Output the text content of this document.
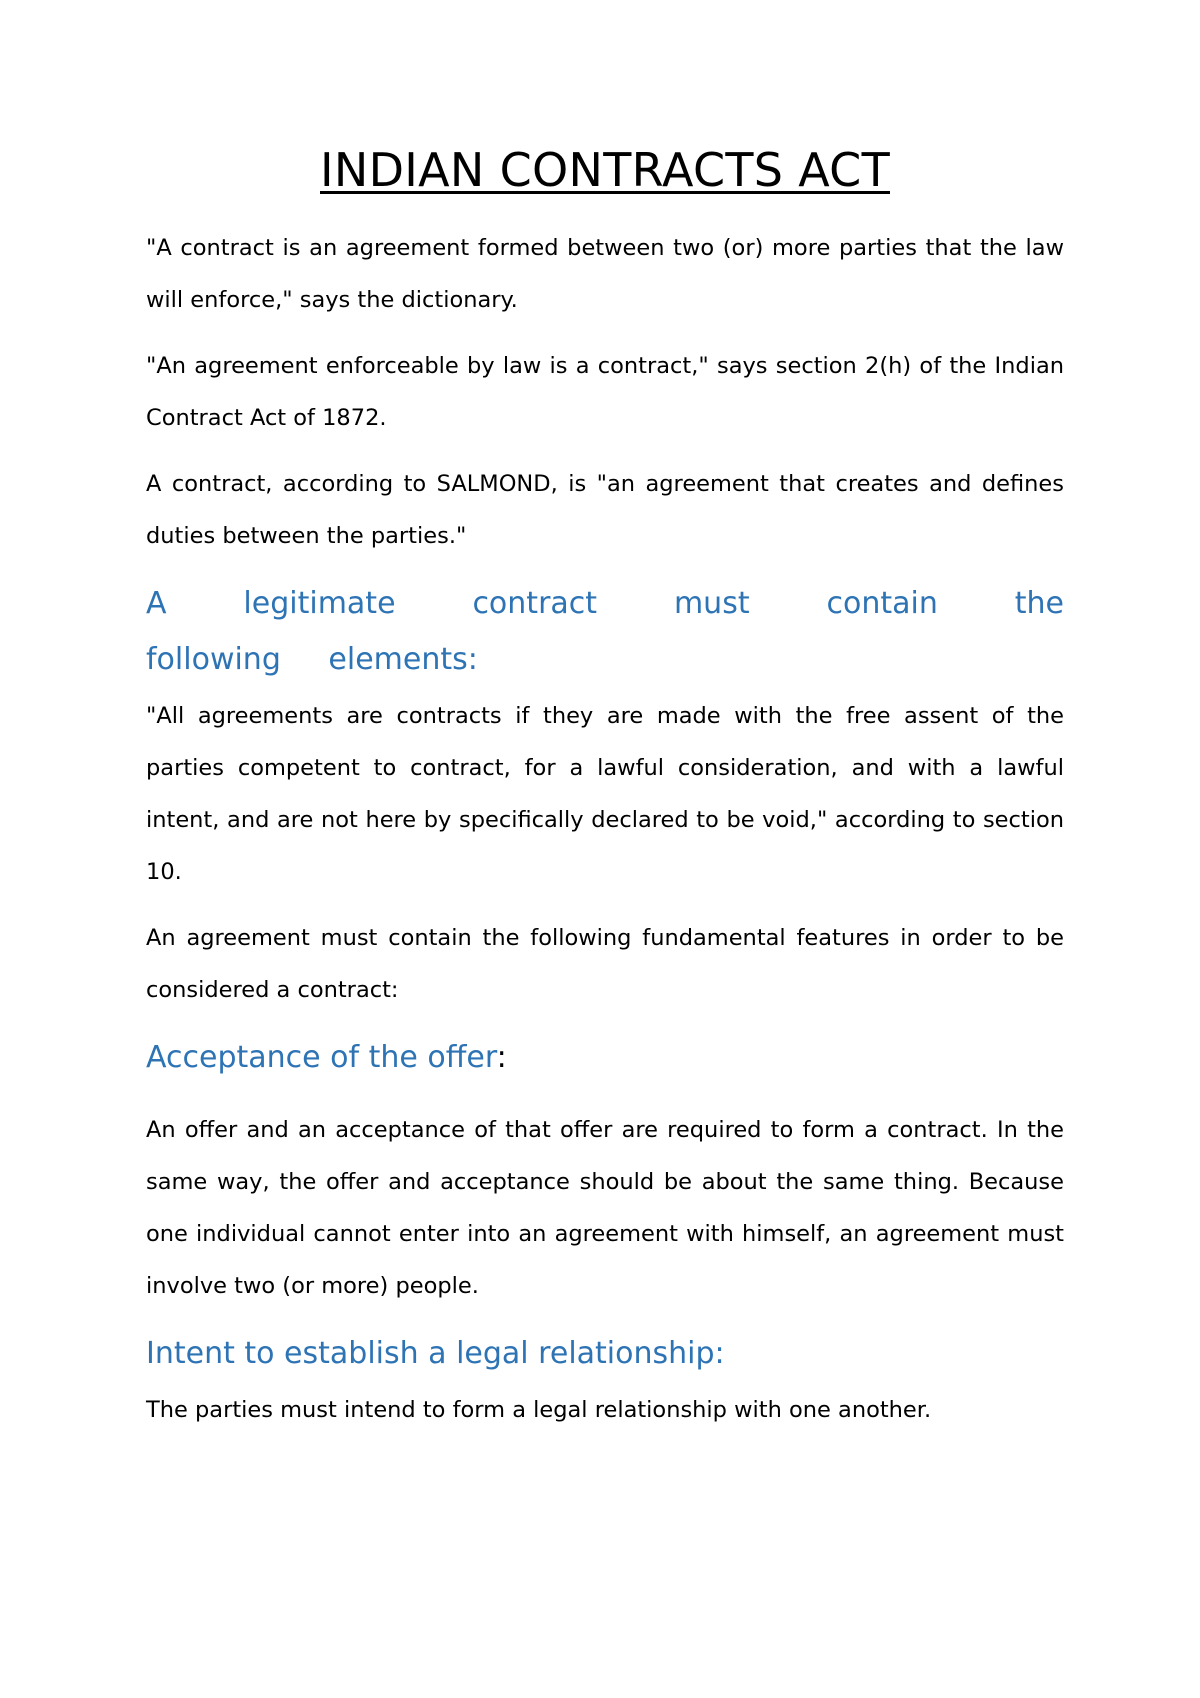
INDIAN CONTRACTS ACT

"A contract is an agreement formed between two (or) more parties that the law will enforce," says the dictionary.

"An agreement enforceable by law is a contract," says section 2(h) of the Indian Contract Act of 1872.

A contract, according to SALMOND, is "an agreement that creates and defines duties between the parties."

A legitimate contract must contain the following elements:

"All agreements are contracts if they are made with the free assent of the parties competent to contract, for a lawful consideration, and with a lawful intent, and are not here by specifically declared to be void," according to section 10.

An agreement must contain the following fundamental features in order to be considered a contract:

Acceptance of the offer:

An offer and an acceptance of that offer are required to form a contract. In the same way, the offer and acceptance should be about the same thing. Because one individual cannot enter into an agreement with himself, an agreement must involve two (or more) people.

Intent to establish a legal relationship:

The parties must intend to form a legal relationship with one another.
